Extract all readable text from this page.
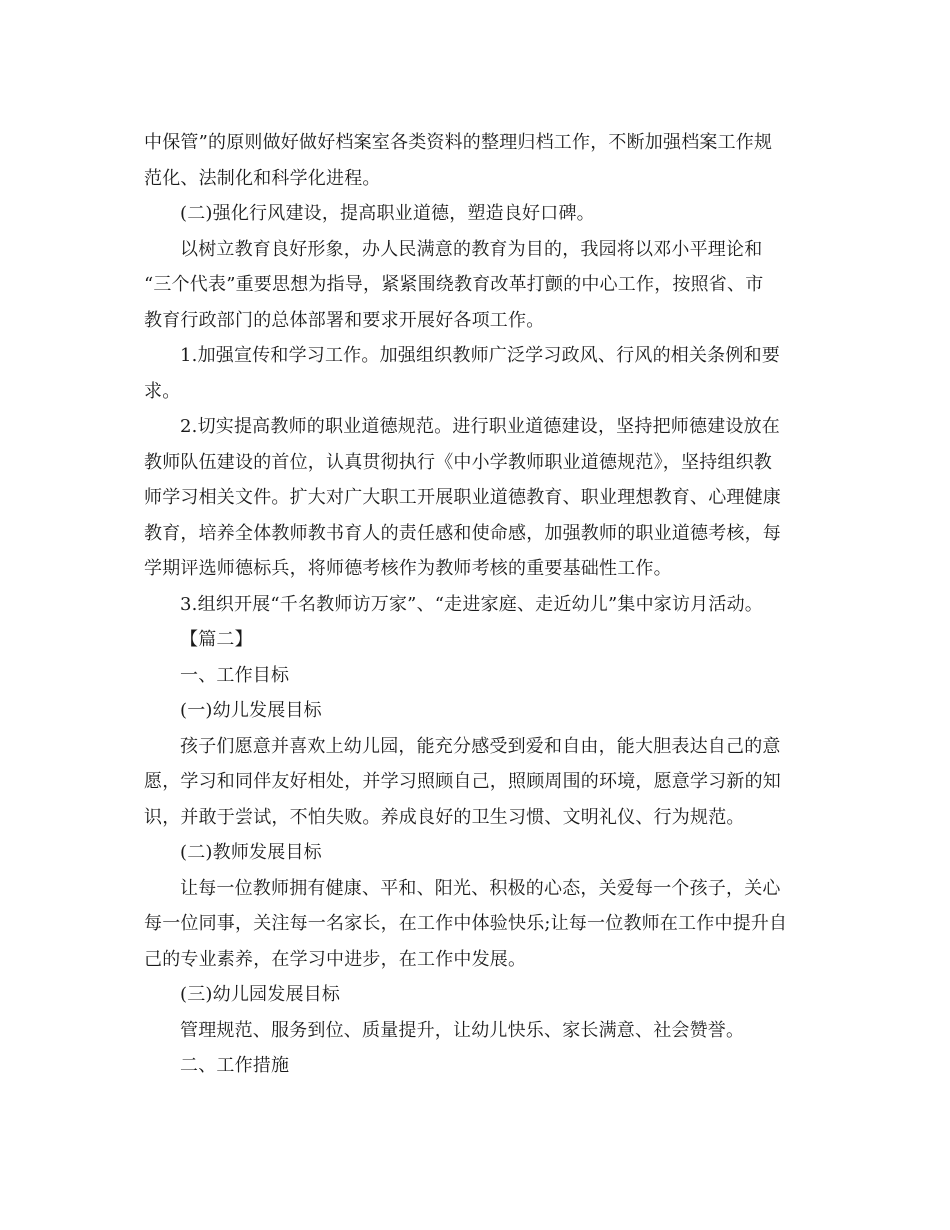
中保管”的原则做好做好档案室各类资料的整理归档工作，不断加强档案工作规
范化、法制化和科学化进程。
(二)强化行风建设，提高职业道德，塑造良好口碑。
以树立教育良好形象，办人民满意的教育为目的，我园将以邓小平理论和
“三个代表”重要思想为指导，紧紧围绕教育改革打颤的中心工作，按照省、市
教育行政部门的总体部署和要求开展好各项工作。
1.加强宣传和学习工作。加强组织教师广泛学习政风、行风的相关条例和要
求。
2.切实提高教师的职业道德规范。进行职业道德建设，坚持把师德建设放在
教师队伍建设的首位，认真贯彻执行《中小学教师职业道德规范》，坚持组织教
师学习相关文件。扩大对广大职工开展职业道德教育、职业理想教育、心理健康
教育，培养全体教师教书育人的责任感和使命感，加强教师的职业道德考核，每
学期评选师德标兵，将师德考核作为教师考核的重要基础性工作。
3.组织开展“千名教师访万家”、“走进家庭、走近幼儿”集中家访月活动。
【篇二】
一、工作目标
(一)幼儿发展目标
孩子们愿意并喜欢上幼儿园，能充分感受到爱和自由，能大胆表达自己的意
愿，学习和同伴友好相处，并学习照顾自己，照顾周围的环境，愿意学习新的知
识，并敢于尝试，不怕失败。养成良好的卫生习惯、文明礼仪、行为规范。
(二)教师发展目标
让每一位教师拥有健康、平和、阳光、积极的心态，关爱每一个孩子，关心
每一位同事，关注每一名家长，在工作中体验快乐;让每一位教师在工作中提升自
己的专业素养，在学习中进步，在工作中发展。
(三)幼儿园发展目标
管理规范、服务到位、质量提升，让幼儿快乐、家长满意、社会赞誉。
二、工作措施
